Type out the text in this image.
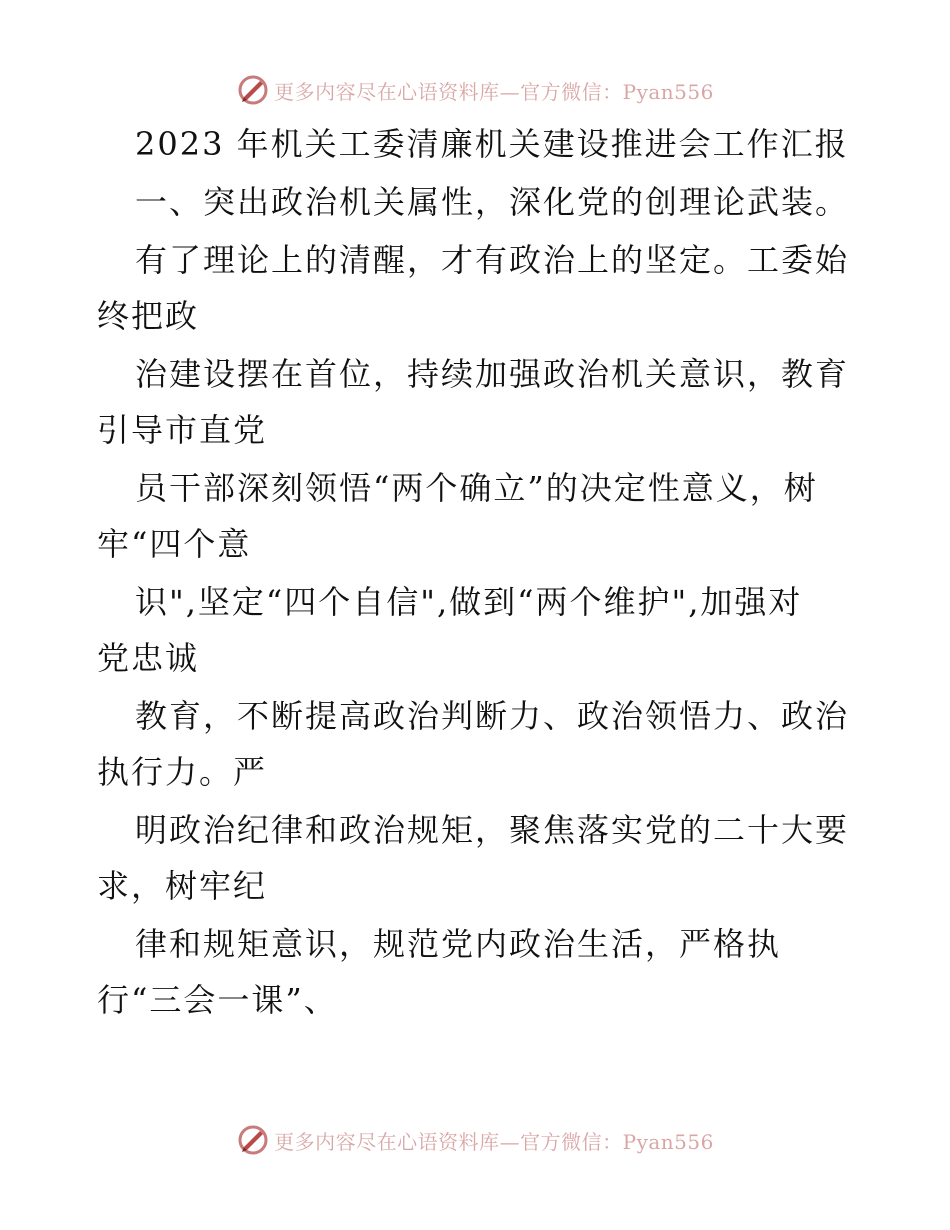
更多内容尽在心语资料库—官方微信：Pyan556
2023 年机关工委清廉机关建设推进会工作汇报
一、突出政治机关属性，深化党的创理论武装。
有了理论上的清醒，才有政治上的坚定。工委始
终把政
治建设摆在首位，持续加强政治机关意识，教育
引导市直党
员干部深刻领悟“两个确立”的决定性意义，树
牢“四个意
识",坚定“四个自信",做到“两个维护",加强对
党忠诚
教育，不断提高政治判断力、政治领悟力、政治
执行力。严
明政治纪律和政治规矩，聚焦落实党的二十大要
求，树牢纪
律和规矩意识，规范党内政治生活，严格执
行“三会一课”、
更多内容尽在心语资料库—官方微信：Pyan556
